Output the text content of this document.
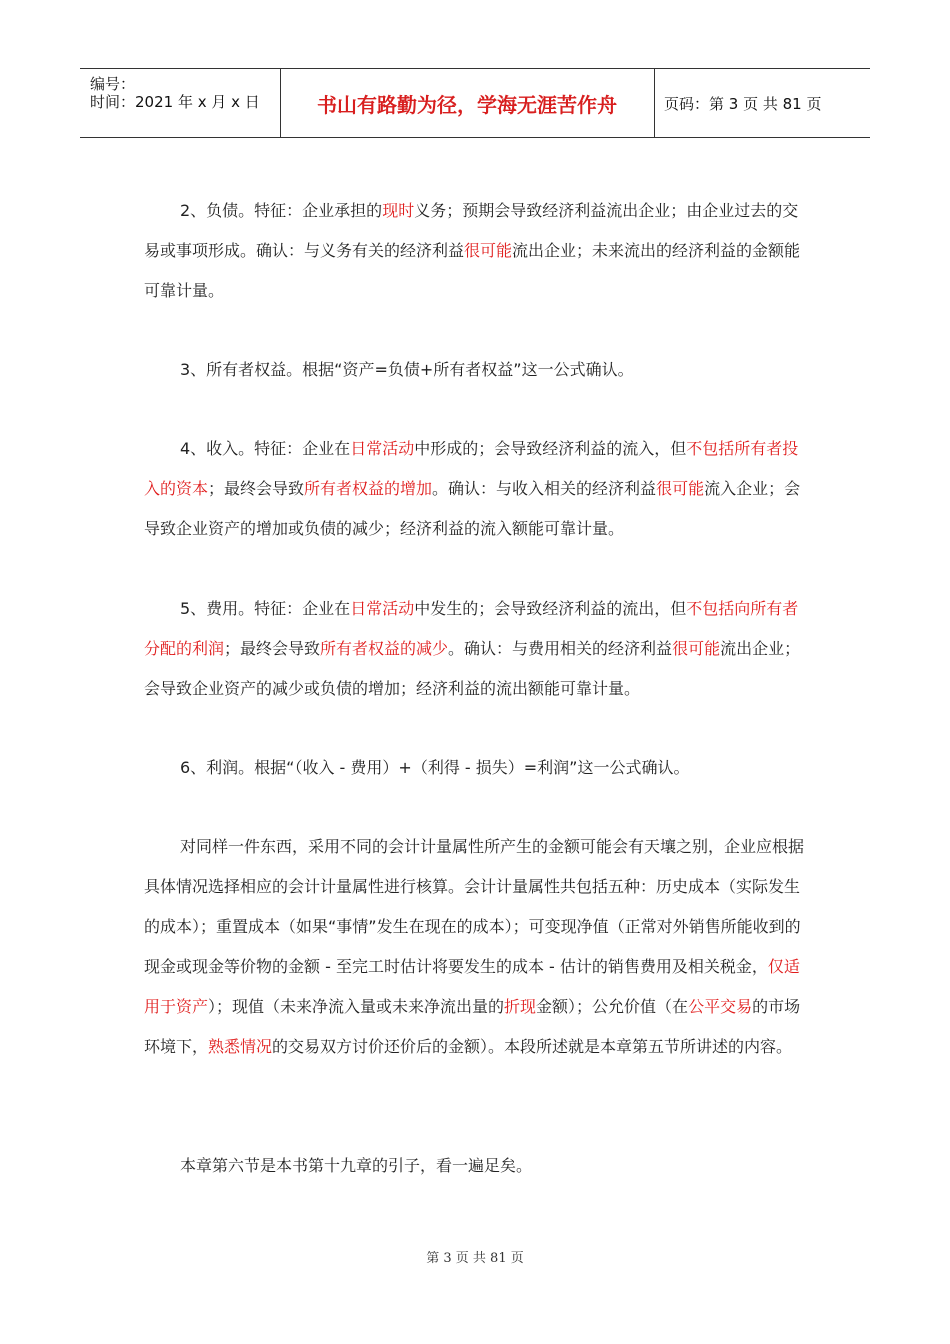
编号：
时间：2021 年 x 月 x 日	书山有路勤为径，学海无涯苦作舟	页码：第 3 页 共 81 页

2、负债。特征：企业承担的现时义务；预期会导致经济利益流出企业；由企业过去的交易或事项形成。确认：与义务有关的经济利益很可能流出企业；未来流出的经济利益的金额能可靠计量。

3、所有者权益。根据“资产=负债+所有者权益”这一公式确认。

4、收入。特征：企业在日常活动中形成的；会导致经济利益的流入，但不包括所有者投入的资本；最终会导致所有者权益的增加。确认：与收入相关的经济利益很可能流入企业；会导致企业资产的增加或负债的减少；经济利益的流入额能可靠计量。

5、费用。特征：企业在日常活动中发生的；会导致经济利益的流出，但不包括向所有者分配的利润；最终会导致所有者权益的减少。确认：与费用相关的经济利益很可能流出企业；会导致企业资产的减少或负债的增加；经济利益的流出额能可靠计量。

6、利润。根据“（收入 - 费用）+（利得 - 损失）=利润”这一公式确认。

对同样一件东西，采用不同的会计计量属性所产生的金额可能会有天壤之别，企业应根据具体情况选择相应的会计计量属性进行核算。会计计量属性共包括五种：历史成本（实际发生的成本）；重置成本（如果“事情”发生在现在的成本）；可变现净值（正常对外销售所能收到的现金或现金等价物的金额 - 至完工时估计将要发生的成本 - 估计的销售费用及相关税金，仅适用于资产）；现值（未来净流入量或未来净流出量的折现金额）；公允价值（在公平交易的市场环境下，熟悉情况的交易双方讨价还价后的金额）。本段所述就是本章第五节所讲述的内容。

本章第六节是本书第十九章的引子，看一遍足矣。

第 3 页 共 81 页
